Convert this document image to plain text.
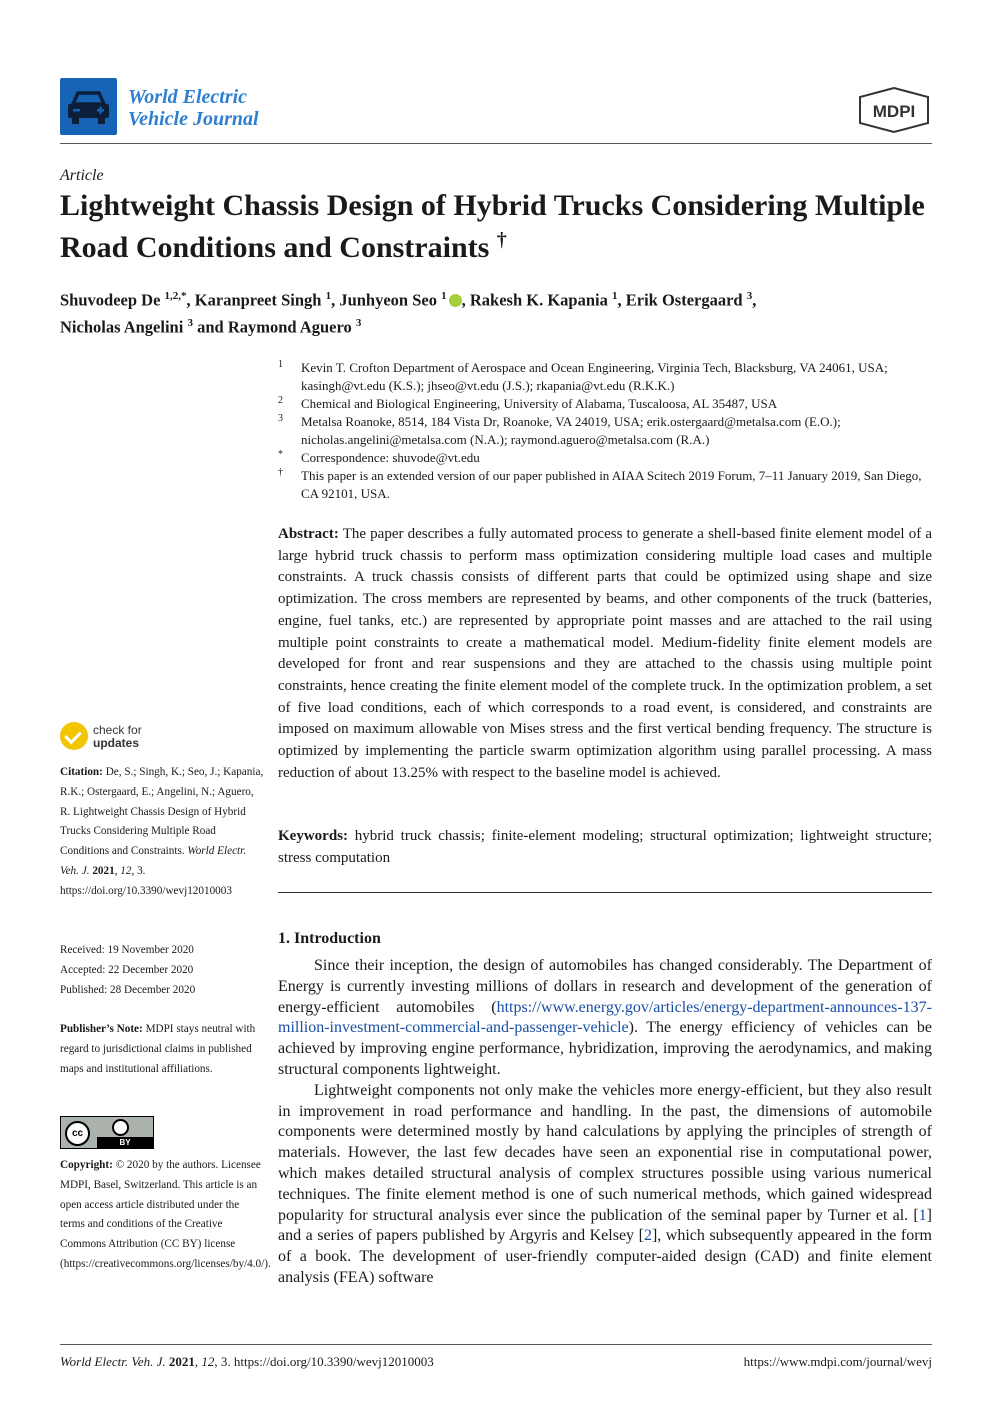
World Electric
Vehicle Journal	MDPI
Article
Lightweight Chassis Design of Hybrid Trucks Considering Multiple Road Conditions and Constraints †
Shuvodeep De $^{1,2,*}$, Karanpreet Singh $^1$, Junhyeon Seo $^1$ , Rakesh K. Kapania $^1$, Erik Ostergaard $^3$,
Nicholas Angelini $^3$ and Raymond Aguero $^3$
1 Kevin T. Crofton Department of Aerospace and Ocean Engineering, Virginia Tech, Blacksburg, VA 24061, USA; kasingh@vt.edu (K.S.); jhseo@vt.edu (J.S.); rkapania@vt.edu (R.K.K.)
2 Chemical and Biological Engineering, University of Alabama, Tuscaloosa, AL 35487, USA
3 Metalsa Roanoke, 8514, 184 Vista Dr, Roanoke, VA 24019, USA; erik.ostergaard@metalsa.com (E.O.); nicholas.angelini@metalsa.com (N.A.); raymond.aguero@metalsa.com (R.A.)
* Correspondence: shuvode@vt.edu
† This paper is an extended version of our paper published in AIAA Scitech 2019 Forum, 7–11 January 2019, San Diego, CA 92101, USA.
Abstract: The paper describes a fully automated process to generate a shell-based finite element model of a large hybrid truck chassis to perform mass optimization considering multiple load cases and multiple constraints. A truck chassis consists of different parts that could be optimized using shape and size optimization. The cross members are represented by beams, and other components of the truck (batteries, engine, fuel tanks, etc.) are represented by appropriate point masses and are attached to the rail using multiple point constraints to create a mathematical model. Medium-fidelity finite element models are developed for front and rear suspensions and they are attached to the chassis using multiple point constraints, hence creating the finite element model of the complete truck. In the optimization problem, a set of five load conditions, each of which corresponds to a road event, is considered, and constraints are imposed on maximum allowable von Mises stress and the first vertical bending frequency. The structure is optimized by implementing the particle swarm optimization algorithm using parallel processing. A mass reduction of about 13.25% with respect to the baseline model is achieved.
Keywords: hybrid truck chassis; finite-element modeling; structural optimization; lightweight structure; stress computation
1. Introduction

Since their inception, the design of automobiles has changed considerably. The Department of Energy is currently investing millions of dollars in research and development of the generation of energy-efficient automobiles (https://www.energy.gov/articles/energy-department-announces-137-million-investment-commercial-and-passenger-vehicle). The energy efficiency of vehicles can be achieved by improving engine performance, hybridization, improving the aerodynamics, and making structural components lightweight.

Lightweight components not only make the vehicles more energy-efficient, but they also result in improvement in road performance and handling. In the past, the dimensions of automobile components were determined mostly by hand calculations by applying the principles of strength of materials. However, the last few decades have seen an exponential rise in computational power, which makes detailed structural analysis of complex structures possible using various numerical techniques. The finite element method is one of such numerical methods, which gained widespread popularity for structural analysis ever since the publication of the seminal paper by Turner et al. [1] and a series of papers published by Argyris and Kelsey [2], which subsequently appeared in the form of a book. The development of user-friendly computer-aided design (CAD) and finite element analysis (FEA) software

check for
updates
Citation: De, S.; Singh, K.; Seo, J.; Kapania, R.K.; Ostergaard, E.; Angelini, N.; Aguero, R. Lightweight Chassis Design of Hybrid Trucks Considering Multiple Road Conditions and Constraints. World Electr. Veh. J. 2021, 12, 3. https://doi.org/10.3390/wevj12010003
Received: 19 November 2020
Accepted: 22 December 2020
Published: 28 December 2020
Publisher’s Note: MDPI stays neutral with regard to jurisdictional claims in published maps and institutional affiliations.
cc
BY
Copyright: © 2020 by the authors. Licensee MDPI, Basel, Switzerland. This article is an open access article distributed under the terms and conditions of the Creative Commons Attribution (CC BY) license (https://creativecommons.org/licenses/by/4.0/).
World Electr. Veh. J. 2021, 12, 3. https://doi.org/10.3390/wevj12010003	https://www.mdpi.com/journal/wevj
